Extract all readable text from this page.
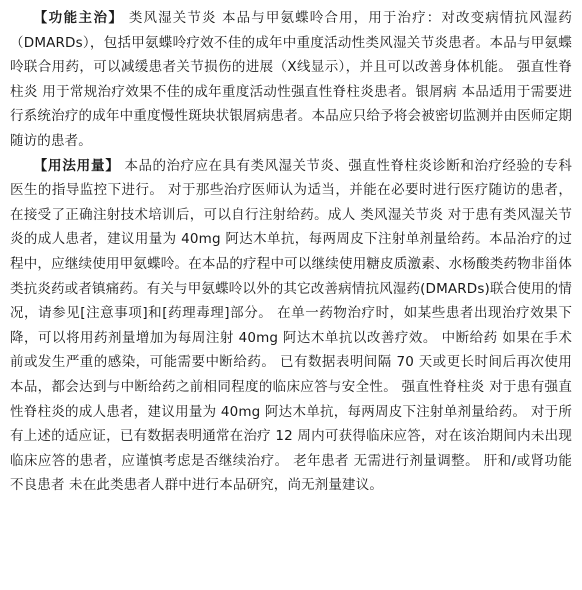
【功能主治】 类风湿关节炎 本品与甲氨蝶呤合用，用于治疗：对改变病情抗风湿药（DMARDs），包括甲氨蝶呤疗效不佳的成年中重度活动性类风湿关节炎患者。本品与甲氨蝶呤联合用药，可以减缓患者关节损伤的进展（X线显示），并且可以改善身体机能。 强直性脊柱炎 用于常规治疗效果不佳的成年重度活动性强直性脊柱炎患者。银屑病 本品适用于需要进行系统治疗的成年中重度慢性斑块状银屑病患者。本品应只给予将会被密切监测并由医师定期随访的患者。

【用法用量】 本品的治疗应在具有类风湿关节炎、强直性脊柱炎诊断和治疗经验的专科医生的指导监控下进行。 对于那些治疗医师认为适当，并能在必要时进行医疗随访的患者，在接受了正确注射技术培训后，可以自行注射给药。成人 类风湿关节炎 对于患有类风湿关节炎的成人患者，建议用量为 40mg 阿达木单抗，每两周皮下注射单剂量给药。本品治疗的过程中，应继续使用甲氨蝶呤。在本品的疗程中可以继续使用糖皮质激素、水杨酸类药物非甾体类抗炎药或者镇痛药。有关与甲氨蝶呤以外的其它改善病情抗风湿药(DMARDs)联合使用的情况，请参见[注意事项]和[药理毒理]部分。 在单一药物治疗时，如某些患者出现治疗效果下降，可以将用药剂量增加为每周注射 40mg 阿达木单抗以改善疗效。 中断给药 如果在手术前或发生严重的感染，可能需要中断给药。 已有数据表明间隔 70 天或更长时间后再次使用本品，都会达到与中断给药之前相同程度的临床应答与安全性。 强直性脊柱炎 对于患有强直性脊柱炎的成人患者，建议用量为 40mg 阿达木单抗，每两周皮下注射单剂量给药。 对于所有上述的适应证，已有数据表明通常在治疗 12 周内可获得临床应答，对在该治期间内未出现临床应答的患者，应谨慎考虑是否继续治疗。 老年患者 无需进行剂量调整。 肝和/或肾功能不良患者 未在此类患者人群中进行本品研究，尚无剂量建议。
